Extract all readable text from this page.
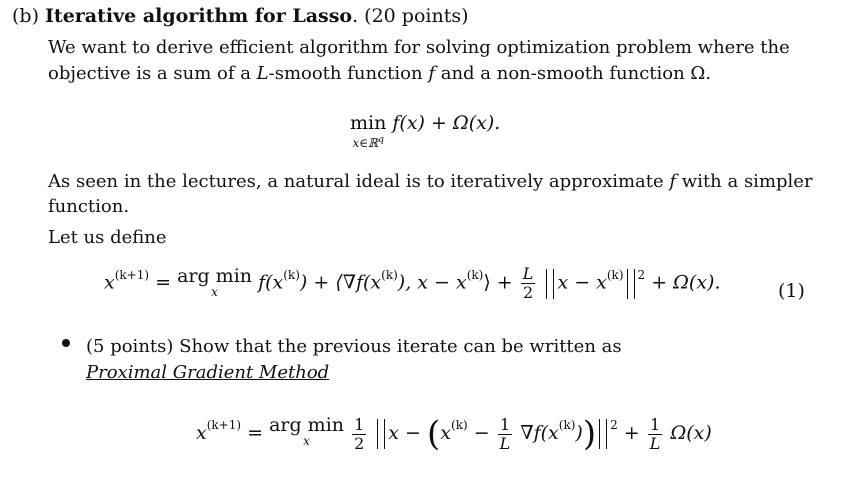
(b) Iterative algorithm for Lasso. (20 points)
We want to derive efficient algorithm for solving optimization problem where the
objective is a sum of a L-smooth function f and a non-smooth function Ω.
min
x∈ℝ$^q$
f(x) + Ω(x).
As seen in the lectures, a natural ideal is to iteratively approximate f with a simpler
function.
Let us define
$x^{(k+1)}$ = arg min
x	$f(x^{(k)})$ + $⟨\nabla f(x^{(k)})$, $x - x^{(k)}⟩ + \frac{L}{2}$ $x - x^{(k)}$ $^2$ + Ω(x).	(1)
(5 points) Show that the previous iterate can be written as
Proximal Gradient Method
$x^{(k+1)}$ = arg min
x
	$\frac{1}{2}$ $x - (x^{(k)} - \frac{1}{L} \nabla f(x^{(k)})) ^2 + \frac{1}{L} \Omega(x)$
